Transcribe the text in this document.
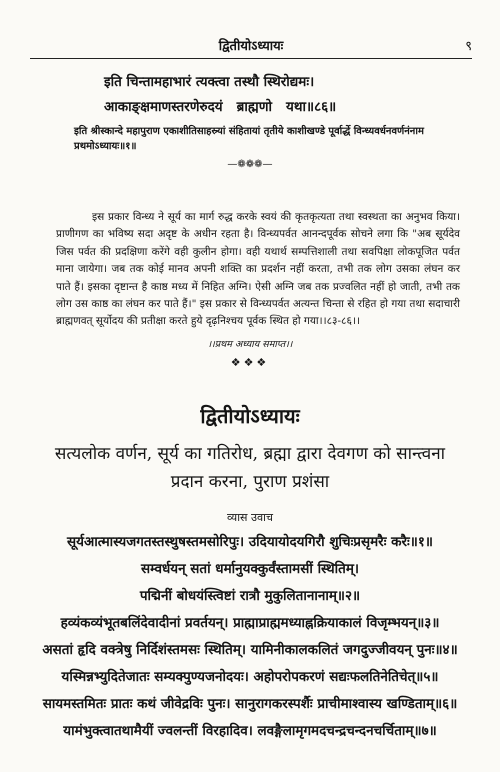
द्वितीयोऽध्यायः	९
इति चिन्तामहाभारं त्यक्त्वा तस्थौ स्थिरोद्यमः।
आकाङ्क्षमाणस्तरणेरुदयं   ब्राह्मणो   यथा॥८६॥
इति श्रीस्कान्दे महापुराण एकाशीतिसाहस्र्यां संहितायां तृतीये काशीखण्डे पूर्वार्द्धे विन्ध्यवर्धनवर्णनंनाम प्रथमोऽध्यायः॥१॥
—❁❁❁—
इस प्रकार विन्ध्य ने सूर्य का मार्ग रुद्ध करके स्वयं की कृतकृत्यता तथा स्वस्थता का अनुभव किया। प्राणीगण का भविष्य सदा अदृष्ट के अधीन रहता है। विन्ध्यपर्वत आनन्दपूर्वक सोचने लगा कि "अब सूर्यदेव जिस पर्वत की प्रदक्षिणा करेंगे वही कुलीन होगा। वही यथार्थ सम्पत्तिशाली तथा सवपिक्षा लोकपूजित पर्वत माना जायेगा। जब तक कोई मानव अपनी शक्ति का प्रदर्शन नहीं करता, तभी तक लोग उसका लंघन कर पाते हैं। इसका दृष्टान्त है काष्ठ मध्य में निहित अग्नि। ऐसी अग्नि जब तक प्रज्वलित नहीं हो जाती, तभी तक लोग उस काष्ठ का लंघन कर पाते हैं।" इस प्रकार से विन्ध्यपर्वत अत्यन्त चिन्ता से रहित हो गया तथा सदाचारी ब्राह्मणवत् सूर्योदय की प्रतीक्षा करते हुये दृढ़निश्चय पूर्वक स्थित हो गया।।८३-८६।।
।।प्रथम अध्याय समाप्त।।
❖❖❖
द्वितीयोऽध्यायः
सत्यलोक वर्णन, सूर्य का गतिरोध, ब्रह्मा द्वारा देवगण को सान्त्वना प्रदान करना, पुराण प्रशंसा
व्यास उवाच
सूर्यआत्मास्यजगतस्तस्थुषस्तमसोरिपुः। उदियायोदयगिरौ शुचिःप्रसृमरैः करैः॥१॥
सम्वर्धयन् सतां धर्मानुयक्कुर्वंस्तामसीं स्थितिम्।
पद्मिनीं बोधयंस्त्विष्टां रात्रौ मुकुलितानानाम्॥२॥
हव्यंकव्यंभूतबलिंदेवादीनां प्रवर्तयन्। प्राह्माप्राह्ममध्याह्नक्रियाकालं विजृम्भयन्॥३॥
असतां हृदि वक्त्रेषु निर्दिशंस्तमसः स्थितिम्। यामिनीकालकलितं जगदुज्जीवयन् पुनः॥४॥
यस्मिन्नभ्युदितेजातः सम्यक्पुण्यजनोदयः। अहोपरोपकरणं सद्यःफलतिनेतिचेत्॥५॥
सायमस्तमितः प्रातः कथं जीवेद्रविः पुनः। सानुरागकरस्पर्शैः प्राचीमाश्वास्य खण्डिताम्॥६॥
यामंभुक्त्वातथामैयीं ज्वलन्तीं विरहादिव। लवङ्गैलामृगमदचन्द्रचन्दनचर्चिताम्॥७॥
